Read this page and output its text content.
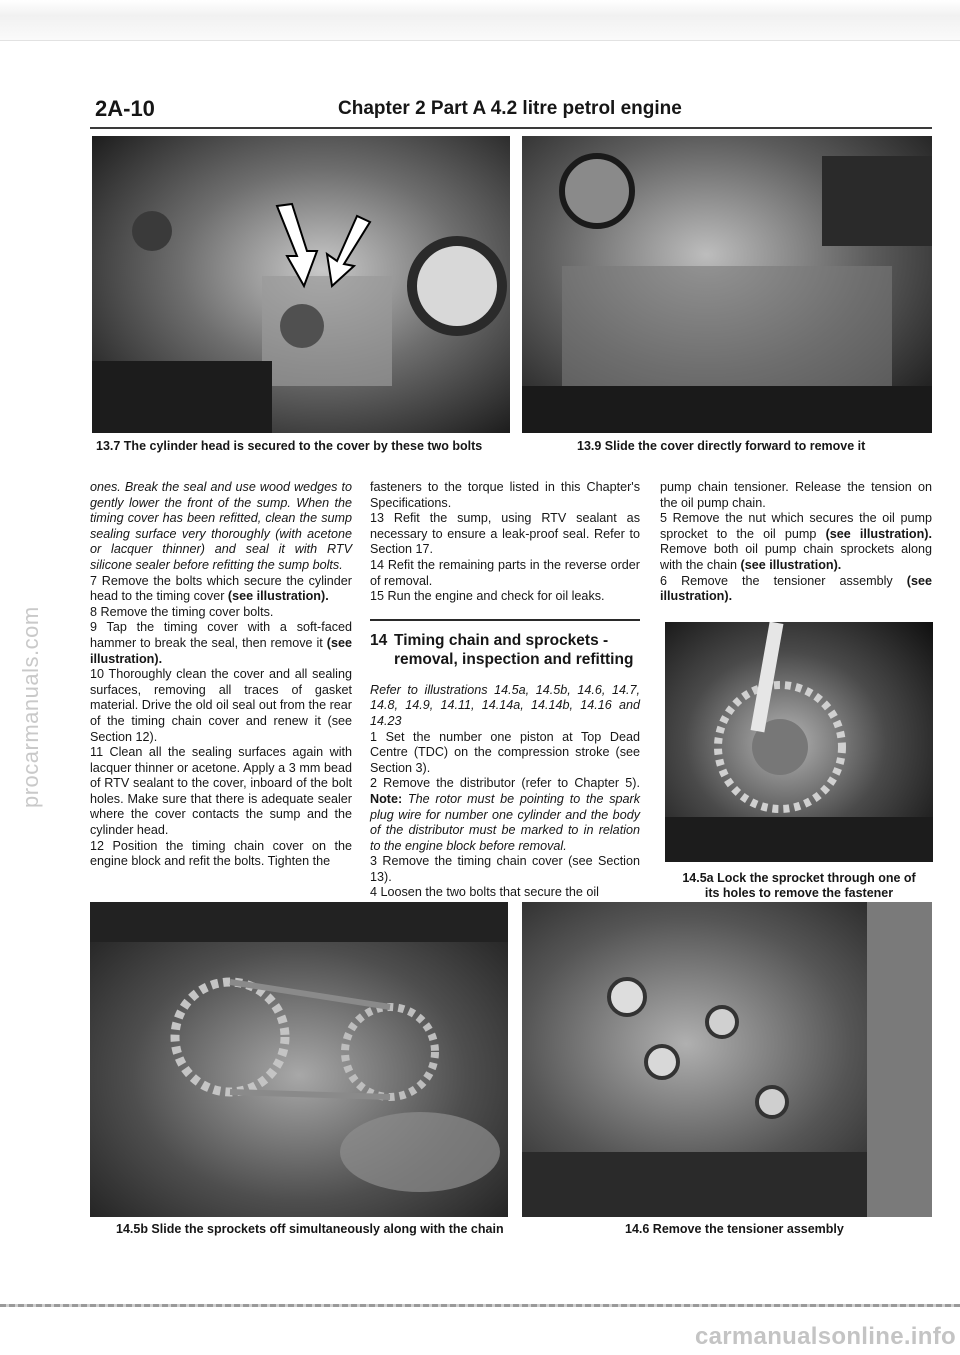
procarmanuals.com
2A-10	Chapter 2 Part A 4.2 litre petrol engine
13.7 The cylinder head is secured to the cover by these two bolts	13.9 Slide the cover directly forward to remove it

ones. Break the seal and use wood wedges to gently lower the front of the sump. When the timing cover has been refitted, clean the sump sealing surface very thoroughly (with acetone or lacquer thinner) and seal it with RTV silicone sealer before refitting the sump bolts.

7 Remove the bolts which secure the cylinder head to the timing cover (see illustration).

8 Remove the timing cover bolts.

9 Tap the timing cover with a soft-faced hammer to break the seal, then remove it (see illustration).

10 Thoroughly clean the cover and all sealing surfaces, removing all traces of gasket material. Drive the old oil seal out from the rear of the timing chain cover and renew it (see Section 12).

11 Clean all the sealing surfaces again with lacquer thinner or acetone. Apply a 3 mm bead of RTV sealant to the cover, inboard of the bolt holes. Make sure that there is adequate sealer where the cover contacts the sump and the cylinder head.

12 Position the timing chain cover on the engine block and refit the bolts. Tighten the

fasteners to the torque listed in this Chapter's Specifications.

13 Refit the sump, using RTV sealant as necessary to ensure a leak-proof seal. Refer to Section 17.

14 Refit the remaining parts in the reverse order of removal.

15 Run the engine and check for oil leaks.

14 Timing chain and sprockets - removal, inspection and refitting

Refer to illustrations 14.5a, 14.5b, 14.6, 14.7, 14.8, 14.9, 14.11, 14.14a, 14.14b, 14.16 and 14.23

1 Set the number one piston at Top Dead Centre (TDC) on the compression stroke (see Section 3).

2 Remove the distributor (refer to Chapter 5). Note: The rotor must be pointing to the spark plug wire for number one cylinder and the body of the distributor must be marked to in relation to the engine block before removal.

3 Remove the timing chain cover (see Section 13).

4 Loosen the two bolts that secure the oil

pump chain tensioner. Release the tension on the oil pump chain.

5 Remove the nut which secures the oil pump sprocket to the oil pump (see illustration). Remove both oil pump chain sprockets along with the chain (see illustration).

6 Remove the tensioner assembly (see illustration).

14.5a Lock the sprocket through one of
its holes to remove the fastener
14.5b Slide the sprockets off simultaneously along with the chain	14.6 Remove the tensioner assembly
carmanualsonline.info
